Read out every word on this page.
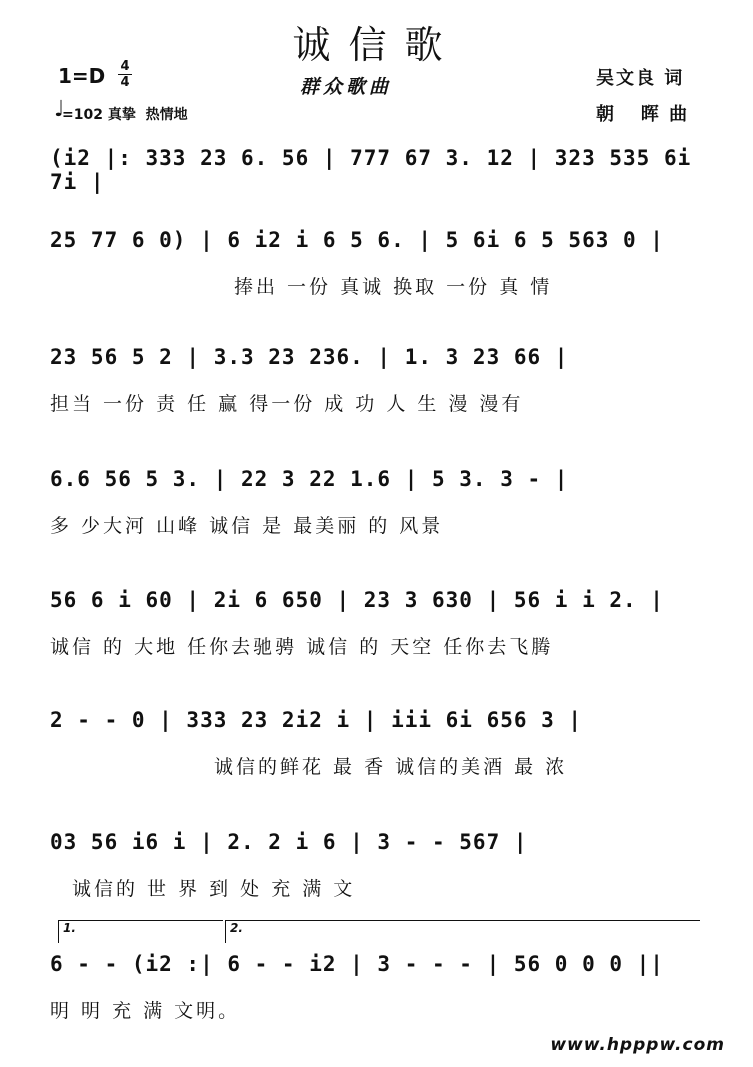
诚信歌
群众歌曲
1=D 4
4
♩
=102 真挚  热情地
吴文良 词
朝   晖 曲
(i2 |: 333 23 6. 56 | 777 67 3. 12 | 323 535 6i 7i |
25 77 6 0) | 6 i2 i 6 5 6. | 5 6i 6 5 563 0 |
捧出 一份 真诚 换取 一份 真 情
23 56 5 2 | 3.3 23 236. | 1. 3 23 66 |
担当 一份 责 任 赢 得一份 成 功 人 生 漫 漫有
6.6 56 5 3. | 22 3 22 1.6 | 5 3. 3 - |
多 少大河 山峰 诚信 是 最美丽 的 风景
56 6 i 60 | 2i 6 650 | 23 3 630 | 56 i i 2. |
诚信 的 大地 任你去驰骋 诚信 的 天空 任你去飞腾
2 - - 0 | 333 23 2i2 i | iii 6i 656 3 |
诚信的鲜花 最 香 诚信的美酒 最 浓
03 56 i6 i | 2. 2 i 6 | 3 - - 567 |
诚信的 世 界 到 处 充 满 文
1.	2.
6 - - (i2 :| 6 - - i2 | 3 - - - | 56 0 0 0 ||
明 明 充 满 文明。
www.hpppw.com
